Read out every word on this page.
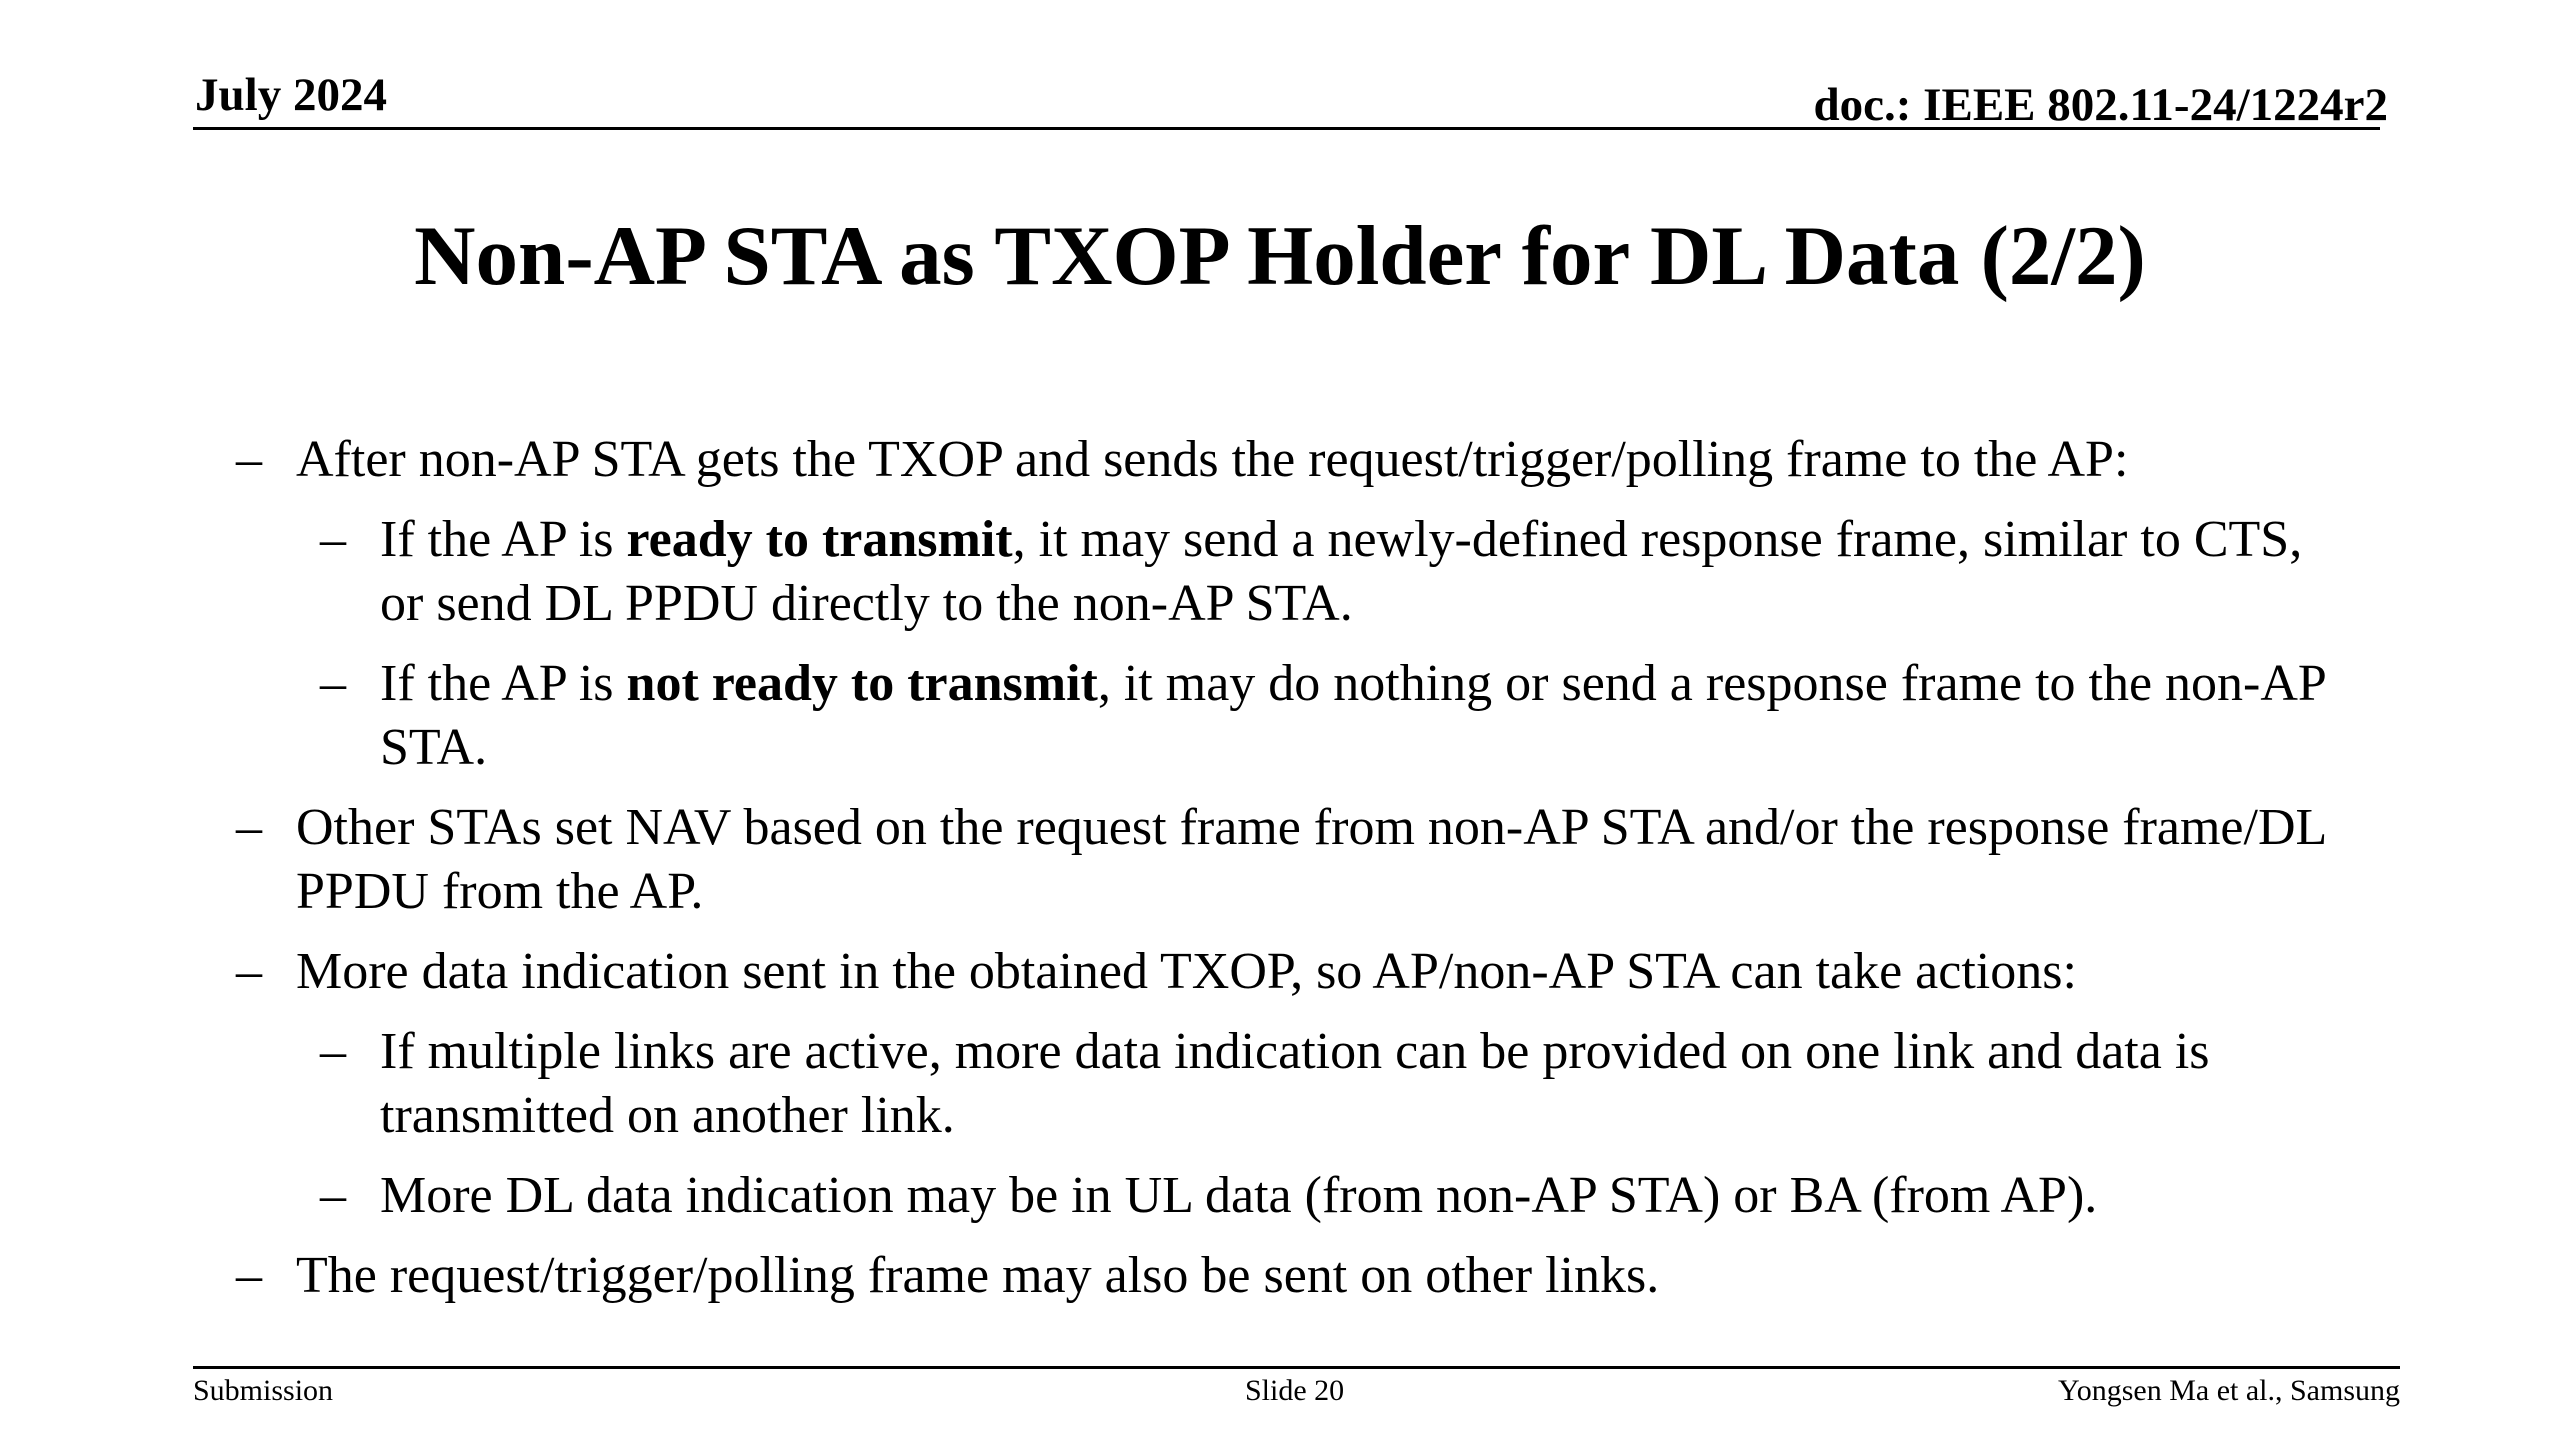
July 2024	doc.: IEEE 802.11-24/1224r2
Non-AP STA as TXOP Holder for DL Data (2/2)
– After non-AP STA gets the TXOP and sends the request/trigger/polling frame to the AP:
– If the AP is ready to transmit, it may send a newly-defined response frame, similar to CTS, or send DL PPDU directly to the non-AP STA.
– If the AP is not ready to transmit, it may do nothing or send a response frame to the non-AP STA.
– Other STAs set NAV based on the request frame from non-AP STA and/or the response frame/DL PPDU from the AP.
– More data indication sent in the obtained TXOP, so AP/non-AP STA can take actions:
– If multiple links are active, more data indication can be provided on one link and data is transmitted on another link.
– More DL data indication may be in UL data (from non-AP STA) or BA (from AP).
– The request/trigger/polling frame may also be sent on other links.
Submission	Slide 20	Yongsen Ma et al., Samsung
